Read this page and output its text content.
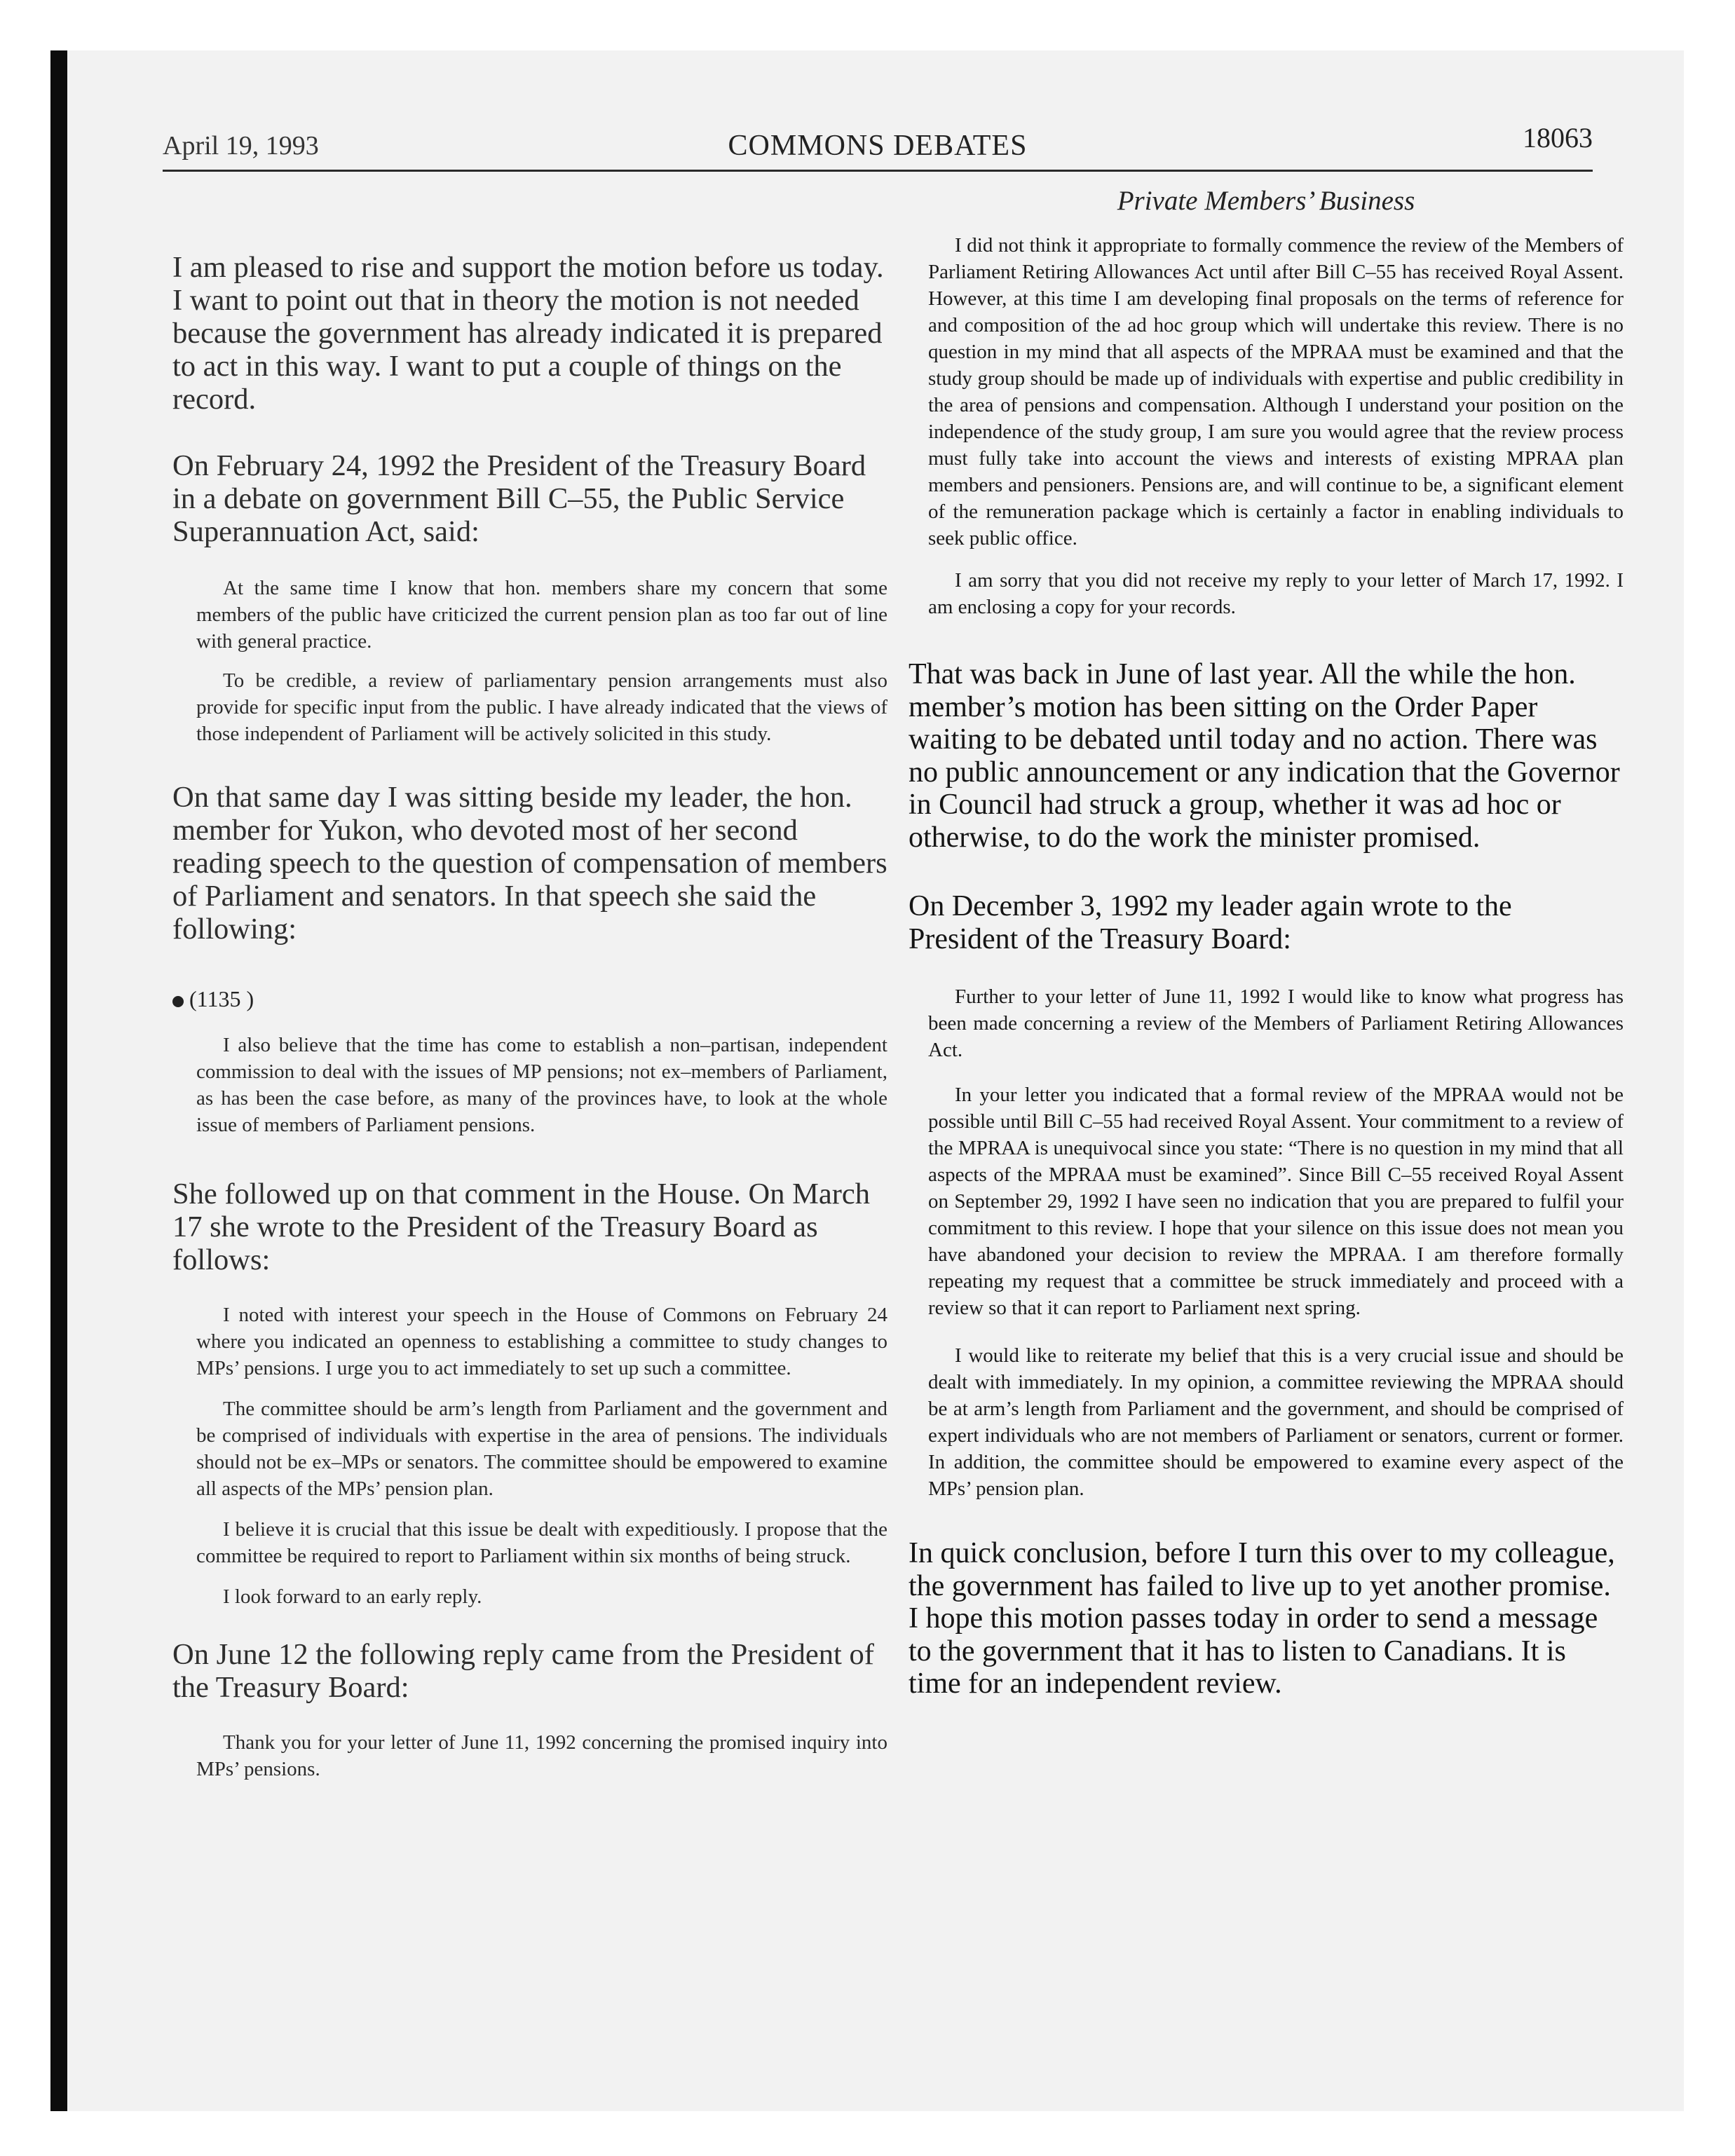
April 19, 1993	COMMONS DEBATES	18063

I am pleased to rise and support the motion before us today. I want to point out that in theory the motion is not needed because the government has already indicated it is prepared to act in this way. I want to put a couple of things on the record.

On February 24, 1992 the President of the Treasury Board in a debate on government Bill C–55, the Public Service Superannuation Act, said:

At the same time I know that hon. members share my concern that some members of the public have criticized the current pension plan as too far out of line with general practice.

To be credible, a review of parliamentary pension arrangements must also provide for specific input from the public. I have already indicated that the views of those independent of Parliament will be actively solicited in this study.

On that same day I was sitting beside my leader, the hon. member for Yukon, who devoted most of her second reading speech to the question of compensation of members of Parliament and senators. In that speech she said the following:

(1135 )

I also believe that the time has come to establish a non–partisan, independent commission to deal with the issues of MP pensions; not ex–members of Parliament, as has been the case before, as many of the provinces have, to look at the whole issue of members of Parliament pensions.

She followed up on that comment in the House. On March 17 she wrote to the President of the Treasury Board as follows:

I noted with interest your speech in the House of Commons on February 24 where you indicated an openness to establishing a committee to study changes to MPs’ pensions. I urge you to act immediately to set up such a committee.

The committee should be arm’s length from Parliament and the government and be comprised of individuals with expertise in the area of pensions. The individuals should not be ex–MPs or senators. The committee should be empowered to examine all aspects of the MPs’ pension plan.

I believe it is crucial that this issue be dealt with expeditiously. I propose that the committee be required to report to Parliament within six months of being struck.

I look forward to an early reply.

On June 12 the following reply came from the President of the Treasury Board:

Thank you for your letter of June 11, 1992 concerning the promised inquiry into MPs’ pensions.

Private Members’ Business

I did not think it appropriate to formally commence the review of the Members of Parliament Retiring Allowances Act until after Bill C–55 has received Royal Assent. However, at this time I am developing final proposals on the terms of reference for and composition of the ad hoc group which will undertake this review. There is no question in my mind that all aspects of the MPRAA must be examined and that the study group should be made up of individuals with expertise and public credibility in the area of pensions and compensation. Although I understand your position on the independence of the study group, I am sure you would agree that the review process must fully take into account the views and interests of existing MPRAA plan members and pensioners. Pensions are, and will continue to be, a significant element of the remuneration package which is certainly a factor in enabling individuals to seek public office.

I am sorry that you did not receive my reply to your letter of March 17, 1992. I am enclosing a copy for your records.

That was back in June of last year. All the while the hon. member’s motion has been sitting on the Order Paper waiting to be debated until today and no action. There was no public announcement or any indication that the Governor in Council had struck a group, whether it was ad hoc or otherwise, to do the work the minister promised.

On December 3, 1992 my leader again wrote to the President of the Treasury Board:

Further to your letter of June 11, 1992 I would like to know what progress has been made concerning a review of the Members of Parliament Retiring Allowances Act.

In your letter you indicated that a formal review of the MPRAA would not be possible until Bill C–55 had received Royal Assent. Your commitment to a review of the MPRAA is unequivocal since you state: “There is no question in my mind that all aspects of the MPRAA must be examined”. Since Bill C–55 received Royal Assent on September 29, 1992 I have seen no indication that you are prepared to fulfil your commitment to this review. I hope that your silence on this issue does not mean you have abandoned your decision to review the MPRAA. I am therefore formally repeating my request that a committee be struck immediately and proceed with a review so that it can report to Parliament next spring.

I would like to reiterate my belief that this is a very crucial issue and should be dealt with immediately. In my opinion, a committee reviewing the MPRAA should be at arm’s length from Parliament and the government, and should be comprised of expert individuals who are not members of Parliament or senators, current or former. In addition, the committee should be empowered to examine every aspect of the MPs’ pension plan.

In quick conclusion, before I turn this over to my colleague, the government has failed to live up to yet another promise. I hope this motion passes today in order to send a message to the government that it has to listen to Canadians. It is time for an independent review.
